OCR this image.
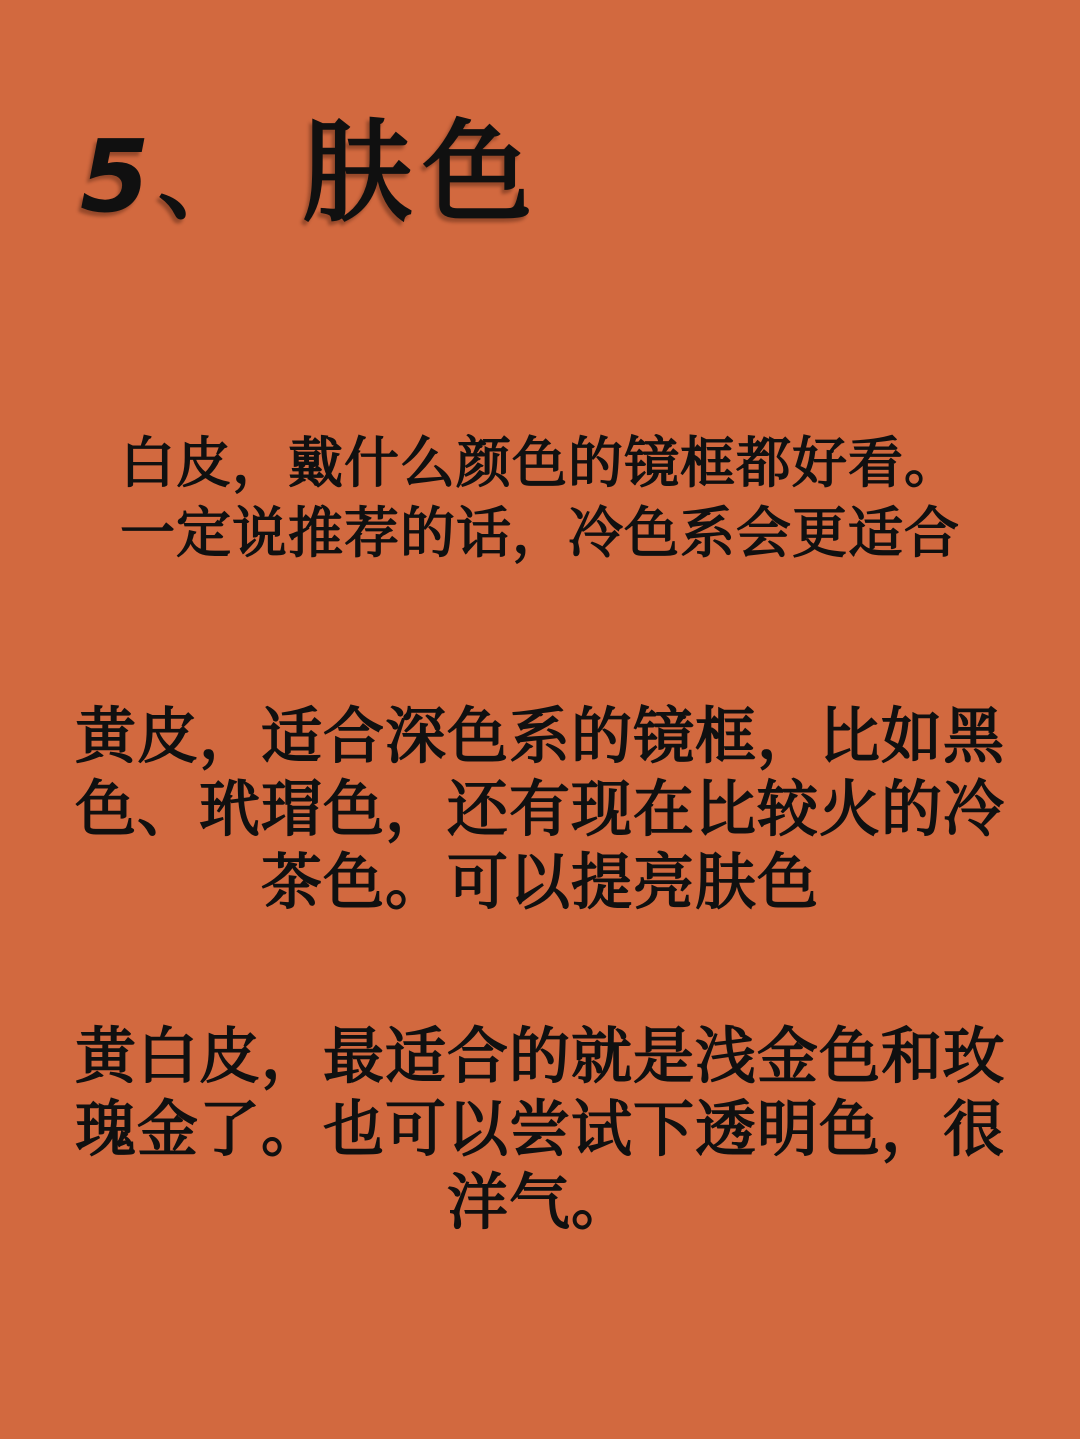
5 、 肤色

白皮，戴什么颜色的镜框都好看。

一定说推荐的话，冷色系会更适合

黄皮，适合深色系的镜框，比如黑

色、玳瑁色，还有现在比较火的冷

茶色。可以提亮肤色

黄白皮，最适合的就是浅金色和玫

瑰金了。也可以尝试下透明色，很

洋气。
